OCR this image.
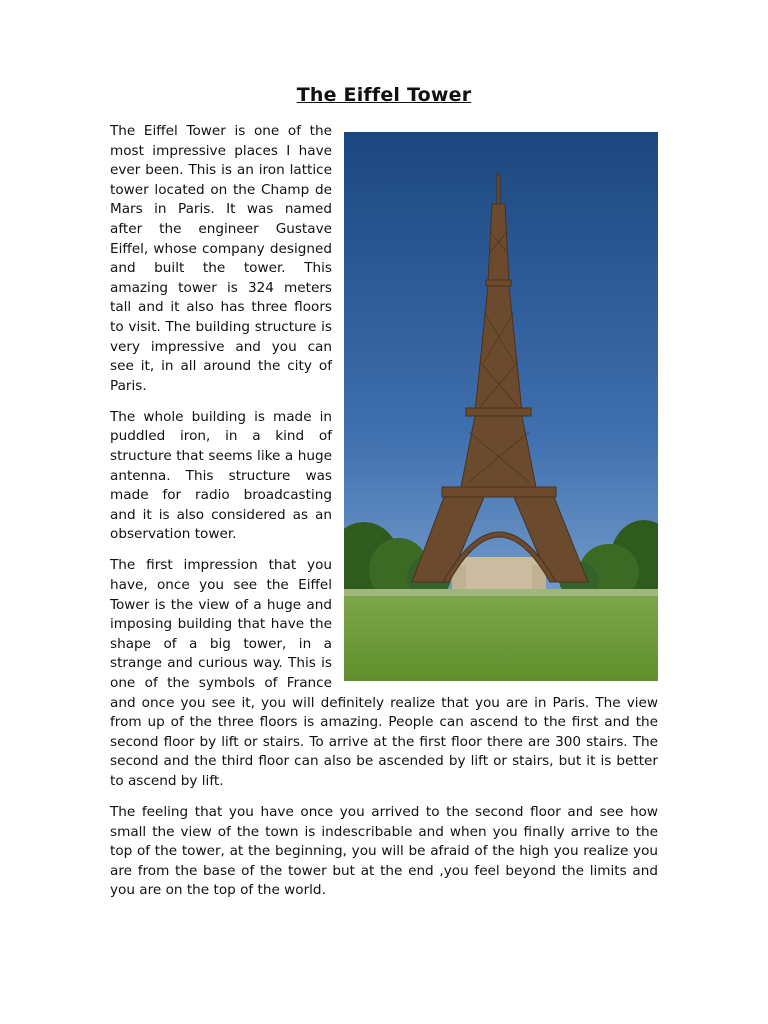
The Eiffel Tower

The Eiffel Tower is one of the most impressive places I have ever been. This is an iron lattice tower located on the Champ de Mars in Paris. It was named after the engineer Gustave Eiffel, whose company designed and built the tower. This amazing tower is 324 meters tall and it also has three floors to visit. The building structure is very impressive and you can see it, in all around the city of Paris.

The whole building is made in puddled iron, in a kind of structure that seems like a huge antenna. This structure was made for radio broadcasting and it is also considered as an observation tower.

The first impression that you have, once you see the Eiffel Tower is the view of a huge and imposing building that have the shape of a big tower, in a strange and curious way. This is one of the symbols of France and once you see it, you will definitely realize that you are in Paris. The view from up of the three floors is amazing. People can ascend to the first and the second floor by lift or stairs. To arrive at the first floor there are 300 stairs. The second and the third floor can also be ascended by lift or stairs, but it is better to ascend by lift.

The feeling that you have once you arrived to the second floor and see how small the view of the town is indescribable and when you finally arrive to the top of the tower, at the beginning, you will be afraid of the high you realize you are from the base of the tower but at the end ,you feel beyond the limits and you are on the top of the world.
